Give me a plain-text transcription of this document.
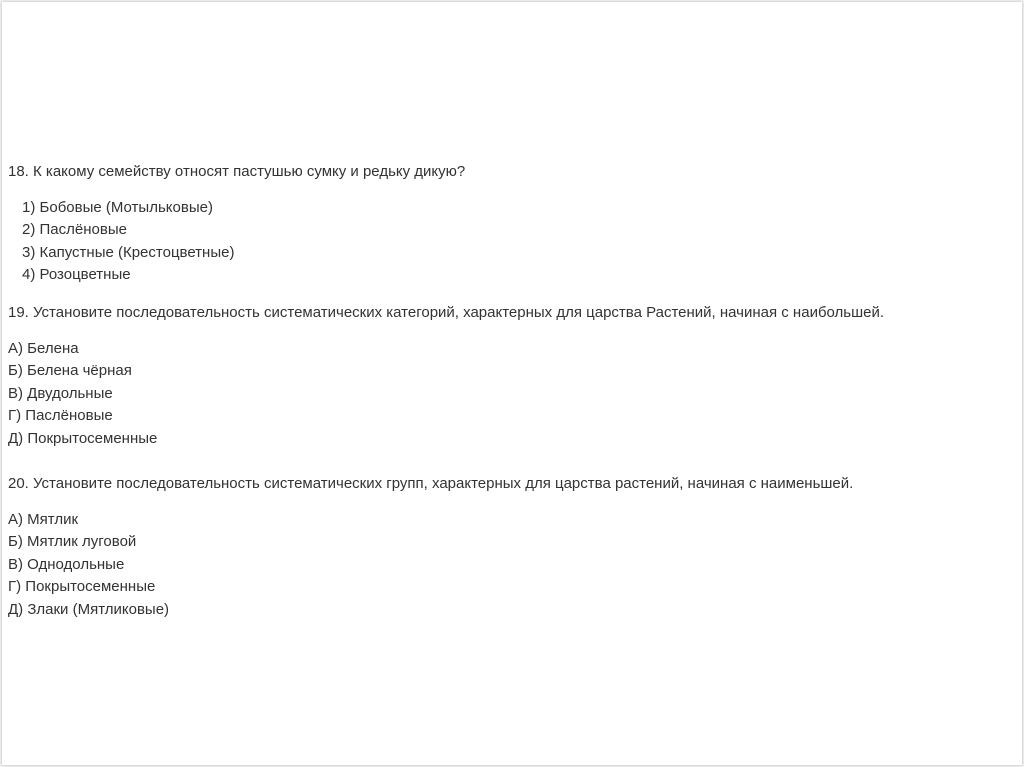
18. К какому семейству относят пастушью сумку и редьку дикую?

1) Бобовые (Мотыльковые)
2) Паслёновые
3) Капустные (Крестоцветные)
4) Розоцветные

19. Установите последовательность систематических категорий, характерных для царства Растений, начиная с наибольшей.

А) Белена
Б) Белена чёрная
В) Двудольные
Г) Паслёновые
Д) Покрытосеменные

20. Установите последовательность систематических групп, характерных для царства растений, начиная с наименьшей.

А) Мятлик
Б) Мятлик луговой
В) Однодольные
Г) Покрытосеменные
Д) Злаки (Мятликовые)
